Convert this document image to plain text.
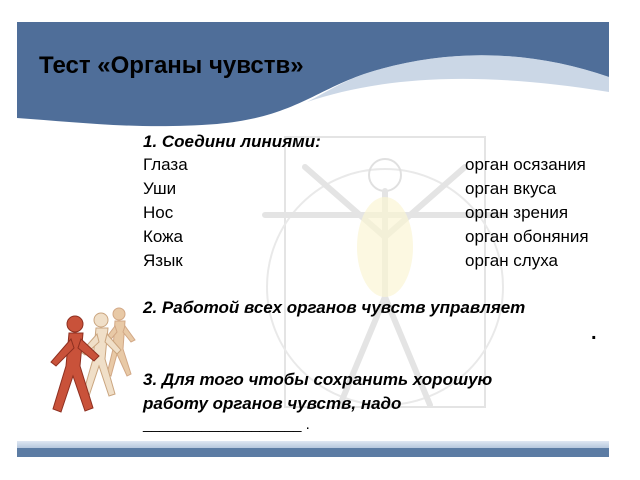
Тест «Органы чувств»
1. Соедини линиями:
Глаза
Уши
Нос
Кожа
Язык
орган осязания
орган вкуса
орган зрения
орган обоняния
орган слуха
2. Работой всех органов чувств управляет
.
3. Для того чтобы сохранить хорошую
работу органов чувств, надо
___________________ .
